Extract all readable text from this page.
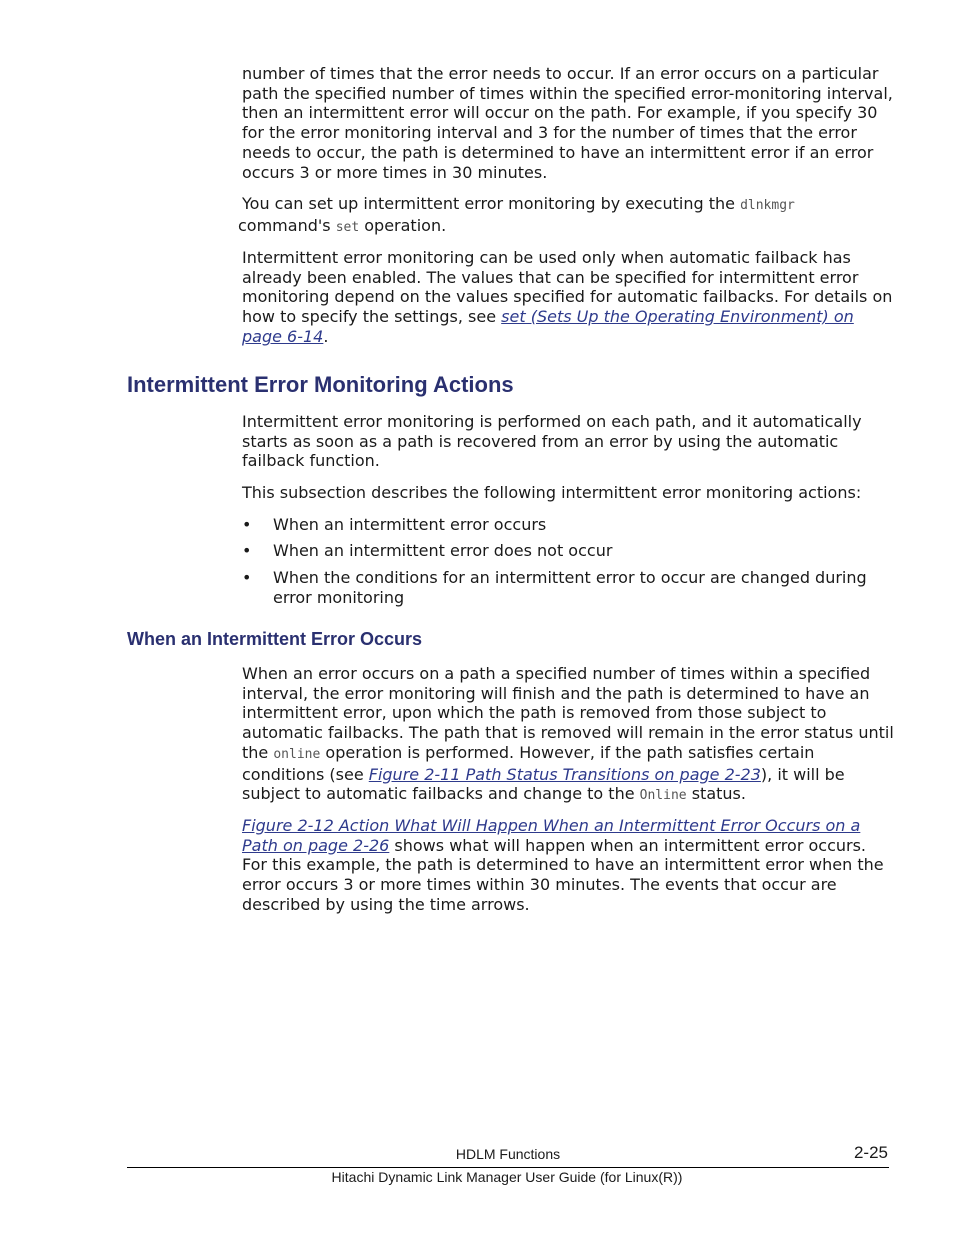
number of times that the error needs to occur. If an error occurs on a particular path the specified number of times within the specified error-monitoring interval, then an intermittent error will occur on the path. For example, if you specify 30 for the error monitoring interval and 3 for the number of times that the error needs to occur, the path is determined to have an intermittent error if an error occurs 3 or more times in 30 minutes.

You can set up intermittent error monitoring by executing the dlnkmgr
command's set operation.

Intermittent error monitoring can be used only when automatic failback has already been enabled. The values that can be specified for intermittent error monitoring depend on the values specified for automatic failbacks. For details on how to specify the settings, see set (Sets Up the Operating Environment) on page 6-14.

Intermittent Error Monitoring Actions

Intermittent error monitoring is performed on each path, and it automatically starts as soon as a path is recovered from an error by using the automatic failback function.

This subsection describes the following intermittent error monitoring actions:

• When an intermittent error occurs
• When an intermittent error does not occur
• When the conditions for an intermittent error to occur are changed during error monitoring
When an Intermittent Error Occurs

When an error occurs on a path a specified number of times within a specified interval, the error monitoring will finish and the path is determined to have an intermittent error, upon which the path is removed from those subject to automatic failbacks. The path that is removed will remain in the error status until the online operation is performed. However, if the path satisfies certain conditions (see Figure 2-11 Path Status Transitions on page 2-23), it will be subject to automatic failbacks and change to the Online status.

Figure 2-12 Action What Will Happen When an Intermittent Error Occurs on a Path on page 2-26 shows what will happen when an intermittent error occurs. For this example, the path is determined to have an intermittent error when the error occurs 3 or more times within 30 minutes. The events that occur are described by using the time arrows.

HDLM Functions	2-25
Hitachi Dynamic Link Manager User Guide (for Linux(R))
